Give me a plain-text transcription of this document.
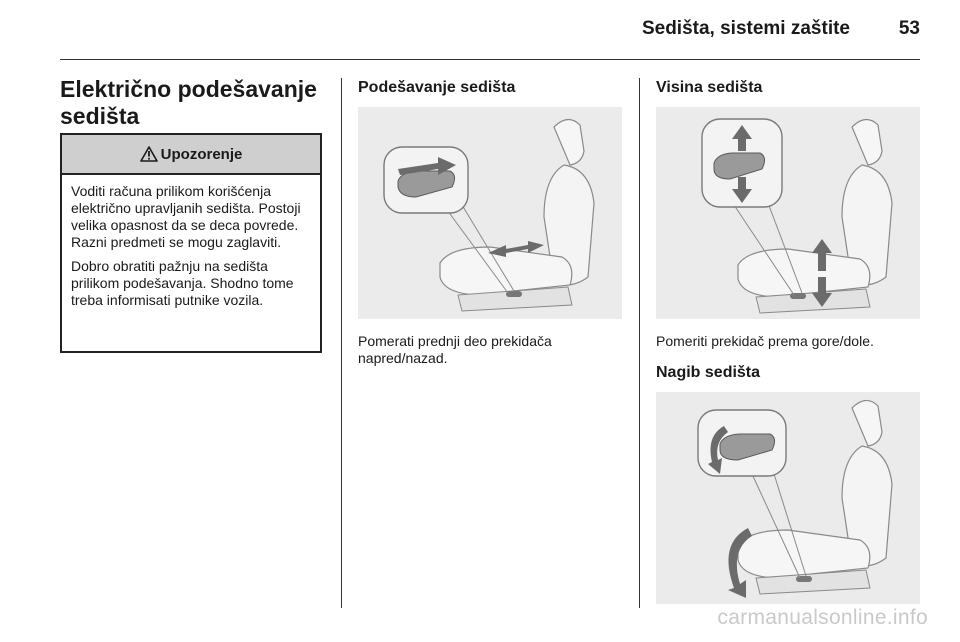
Sedišta, sistemi zaštite	53
Električno podešavanje
sedišta
Upozorenje

Voditi računa prilikom korišćenja električno upravljanih sedišta. Postoji velika opasnost da se deca povrede. Razni predmeti se mogu zaglaviti.

Dobro obratiti pažnju na sedišta prilikom podešavanja. Shodno tome treba informisati putnike vozila.

Podešavanje sedišta
Pomerati prednji deo prekidača napred/nazad.
Visina sedišta
Pomeriti prekidač prema gore/dole.
Nagib sedišta
carmanualsonline.info
